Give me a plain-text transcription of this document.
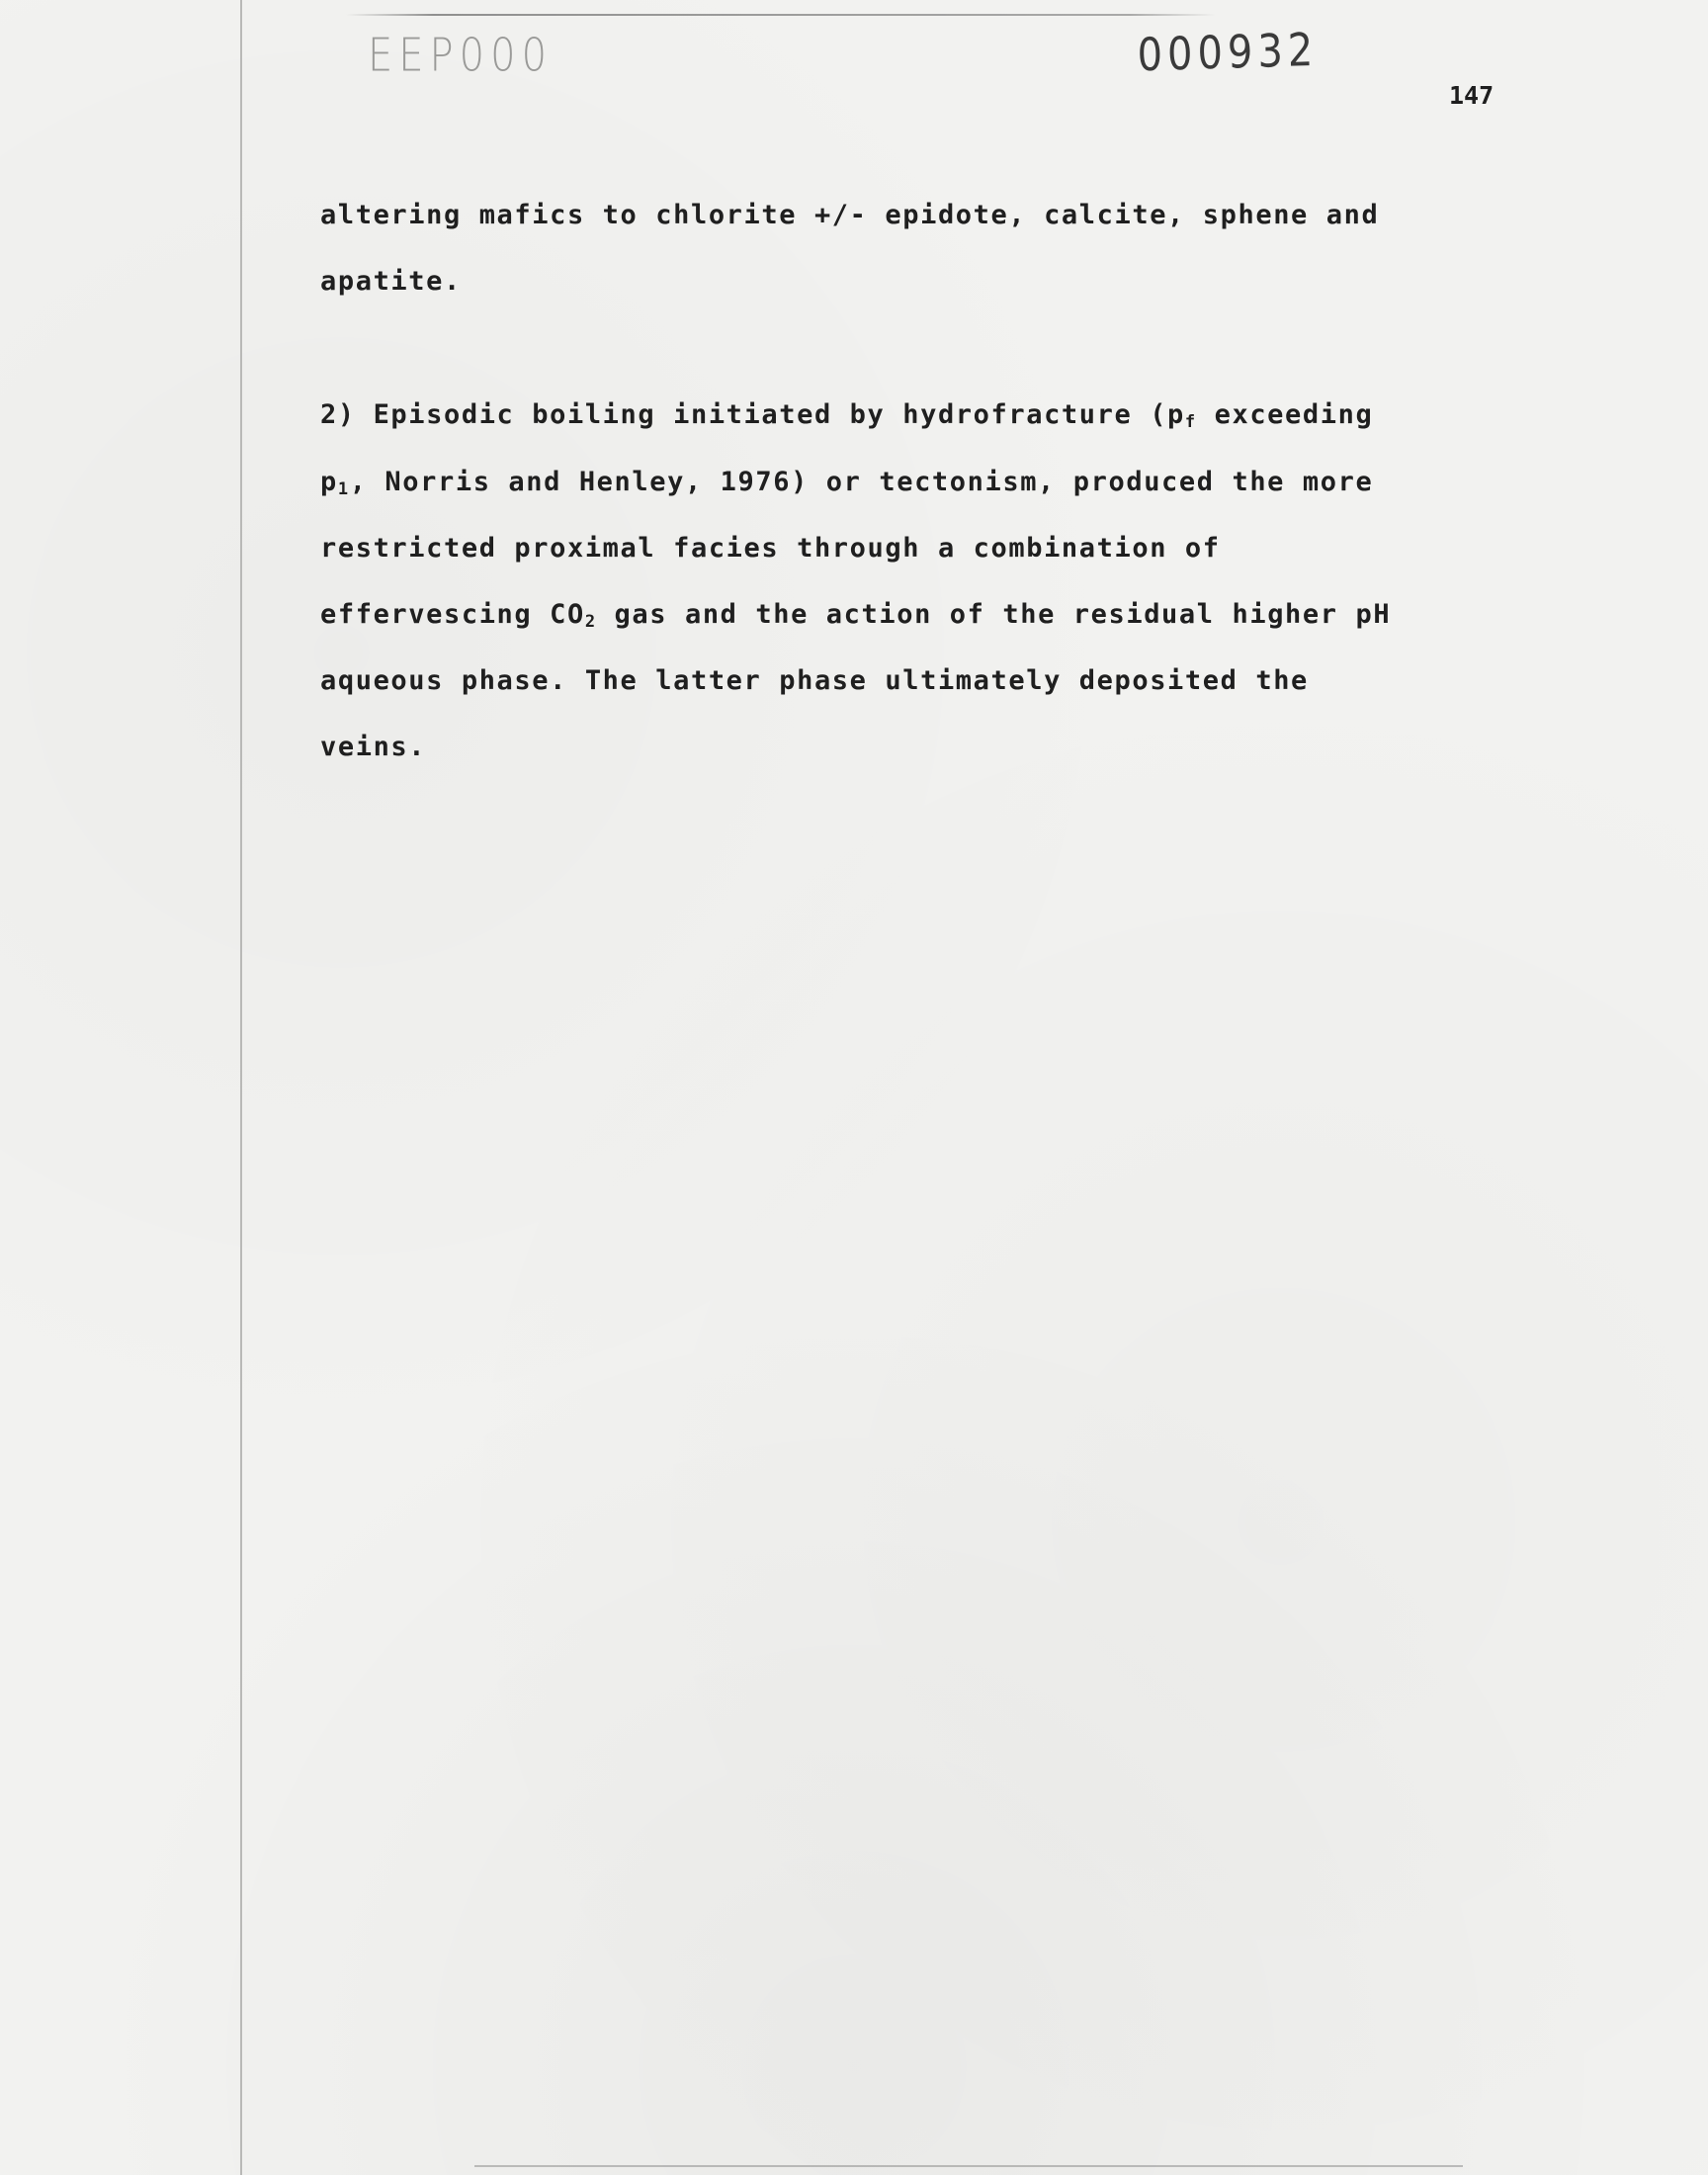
EEP000	000932
147
altering mafics to chlorite +/- epidote, calcite, sphene and
apatite.
2) Episodic boiling initiated by hydrofracture ($p_f$ exceeding
$p_1$, Norris and Henley, 1976) or tectonism, produced the more
restricted proximal facies through a combination of
effervescing $CO_2$ gas and the action of the residual higher pH
aqueous phase. The latter phase ultimately deposited the
veins.
